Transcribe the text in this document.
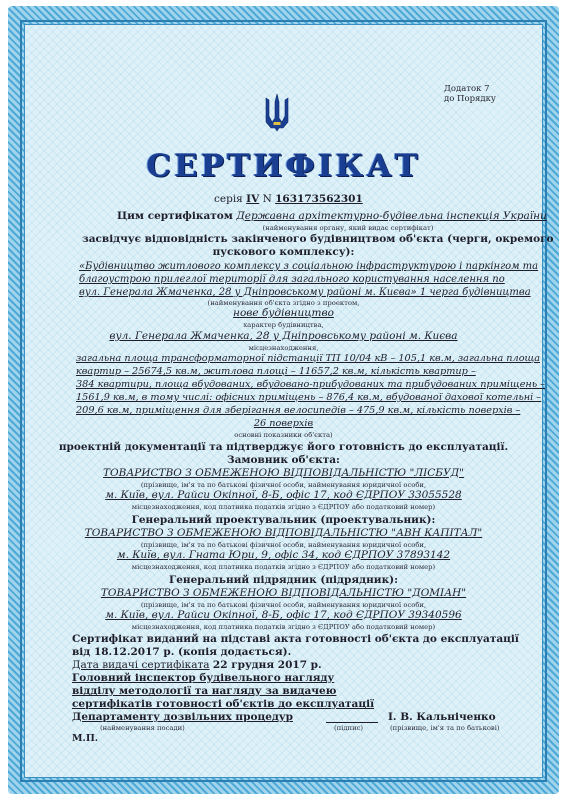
Додаток 7
до Порядку
СЕРТИФІКАТ
серія IV N 163173562301
Цим сертифікатом Державна архітектурно-будівельна інспекція України
(найменування органу, який видає сертифікат)
засвідчує відповідність закінченого будівництвом об'єкта (черги, окремого
пускового комплексу):
«Будівництво житлового комплексу з соціальною інфраструктурою і паркінгом та
благоустрою прилеглої території для загального користування населення по
вул. Генерала Жмаченка, 28 у Дніпровському районі м. Києва» 1 черга будівництва
(найменування об'єкта згідно з проектом,
нове будівництво
характер будівництва,
вул. Генерала Жмаченка, 28 у Дніпровському районі м. Києва
місцезнаходження,
загальна площа трансформаторної підстанції ТП 10/04 кВ – 105,1 кв.м, загальна площа
квартир – 25674,5 кв.м, житлова площі – 11657,2 кв.м, кількість квартир –
384 квартири, площа вбудованих, вбудовано-прибудованих та прибудованих приміщень –
1561,9 кв.м, в тому числі: офісних приміщень – 876,4 кв.м, вбудованої дахової котельні –
209,6 кв.м, приміщення для зберігання велосипедів – 475,9 кв.м, кількість поверхів –
26 поверхів
основні показники об'єкта)
проектній документації та підтверджує його готовність до експлуатації.
Замовник об'єкта:
ТОВАРИСТВО З ОБМЕЖЕНОЮ ВІДПОВІДАЛЬНІСТЮ "ЛІСБУД"
(прізвище, ім'я та по батькові фізичної особи, найменування юридичної особи,
м. Київ, вул. Райси Окіпної, 8-Б, офіс 17, код ЄДРПОУ 33055528
місцезнаходження, код платника податків згідно з ЄДРПОУ або податковий номер)
Генеральний проектувальник (проектувальник):
ТОВАРИСТВО З ОБМЕЖЕНОЮ ВІДПОВІДАЛЬНІСТЮ "АВН КАПІТАЛ"
(прізвище, ім'я та по батькові фізичної особи, найменування юридичної особи,
м. Київ, вул. Гната Юри, 9, офіс 34, код ЄДРПОУ 37893142
місцезнаходження, код платника податків згідно з ЄДРПОУ або податковий номер)
Генеральний підрядник (підрядник):
ТОВАРИСТВО З ОБМЕЖЕНОЮ ВІДПОВІДАЛЬНІСТЮ "ДОМІАН"
(прізвище, ім'я та по батькові фізичної особи, найменування юридичної особи,
м. Київ, вул. Райси Окіпної, 8-Б, офіс 17, код ЄДРПОУ 39340596
місцезнаходження, код платника податків згідно з ЄДРПОУ або податковий номер)
Сертифікат виданий на підставі акта готовності об'єкта до експлуатації
від 18.12.2017 р. (копія додається).
Дата видачі сертифіката 22 грудня 2017 р.
Головний інспектор будівельного нагляду
відділу методології та нагляду за видачею
сертифікатів готовності об'єктів до експлуатації
Департаменту дозвільних процедур
(найменування посади)	(підпис)
І. В. Кальніченко
(прізвище, ім'я та по батькові)
М.П.
